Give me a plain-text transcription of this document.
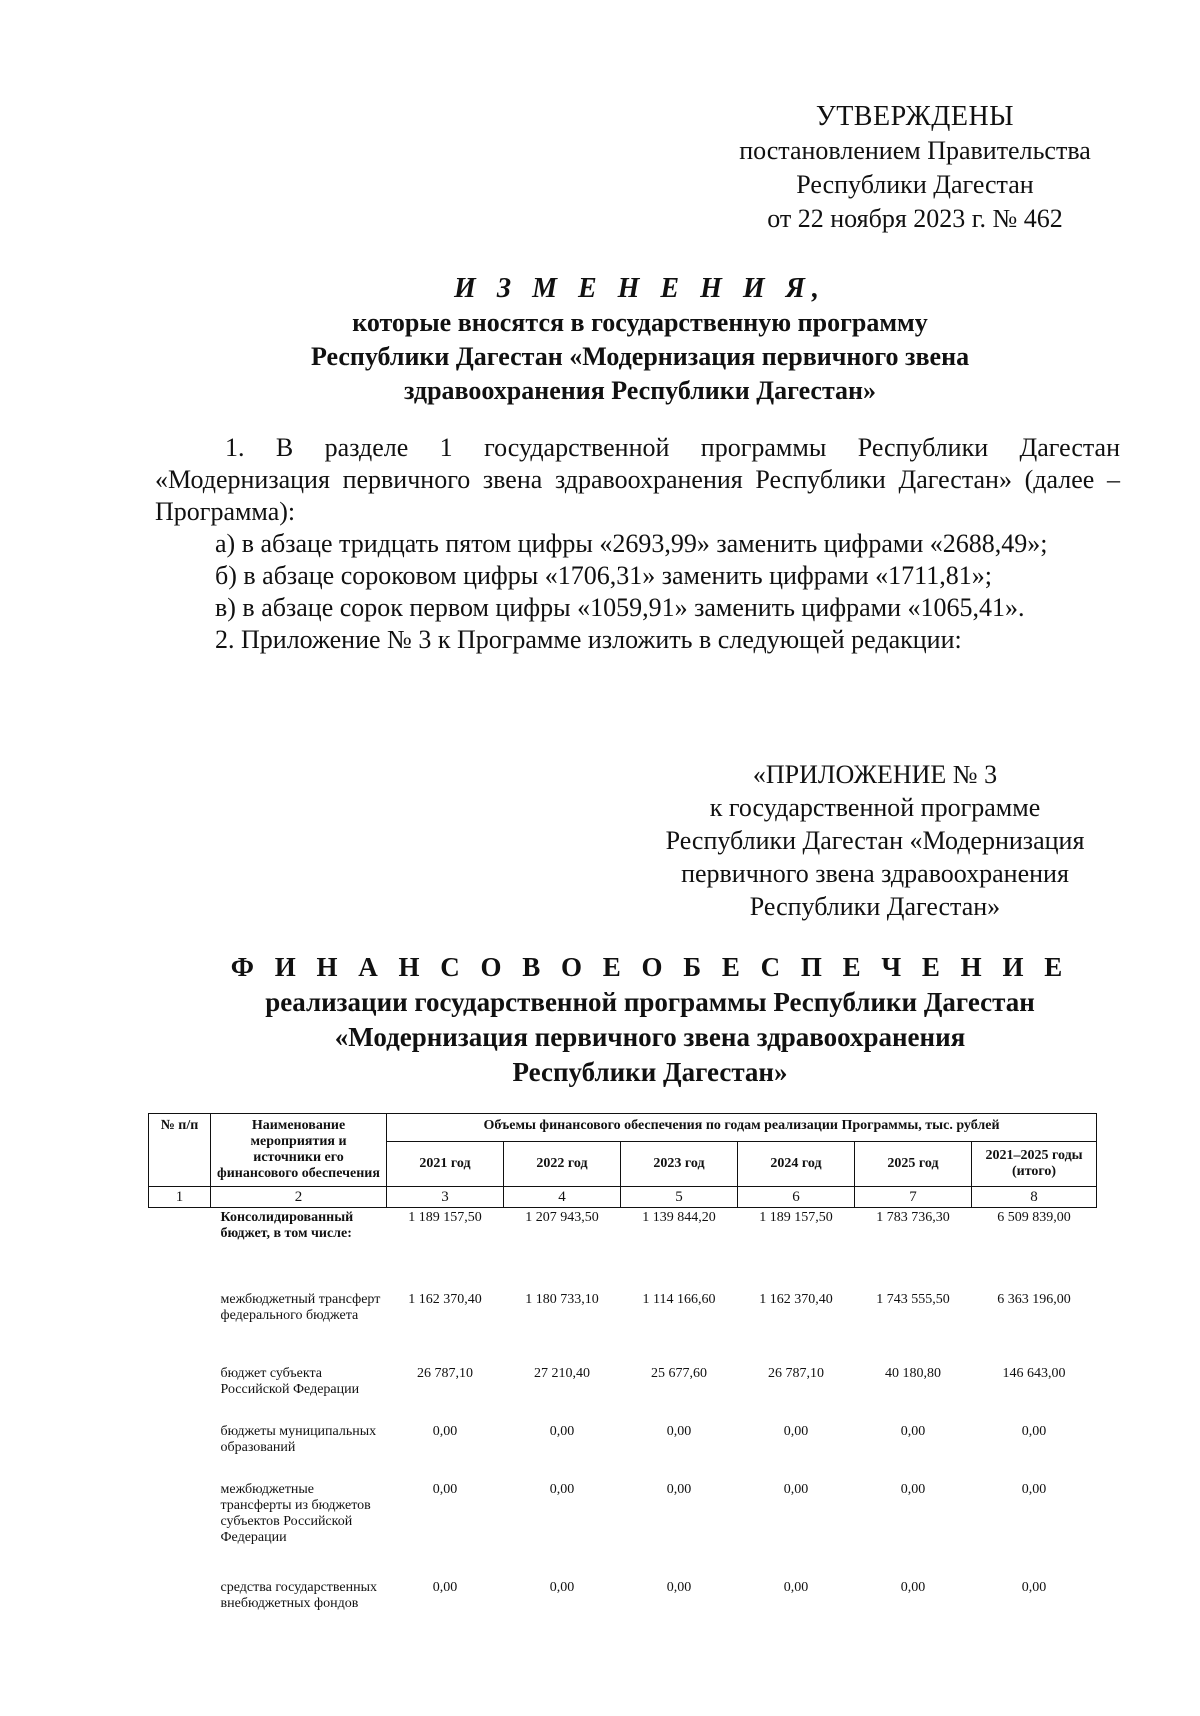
УТВЕРЖДЕНЫ
постановлением Правительства
Республики Дагестан
от 22 ноября 2023 г. № 462
И З М Е Н Е Н И Я,
которые вносятся в государственную программу
Республики Дагестан «Модернизация первичного звена
здравоохранения Республики Дагестан»

1. В разделе 1 государственной программы Республики Дагестан «Модернизация первичного звена здравоохранения Республики Дагестан» (далее – Программа):

а) в абзаце тридцать пятом цифры «2693,99» заменить цифрами «2688,49»;

б) в абзаце сороковом цифры «1706,31» заменить цифрами «1711,81»;

в) в абзаце сорок первом цифры «1059,91» заменить цифрами «1065,41».

2. Приложение № 3 к Программе изложить в следующей редакции:

«ПРИЛОЖЕНИЕ № 3
к государственной программе
Республики Дагестан «Модернизация
первичного звена здравоохранения
Республики Дагестан»
Ф И Н А Н С О В О Е О Б Е С П Е Ч Е Н И Е
реализации государственной программы Республики Дагестан
«Модернизация первичного звена здравоохранения
Республики Дагестан»
№ п/п	Наименование мероприятия и источники его финансового обеспечения	Объемы финансового обеспечения по годам реализации Программы, тыс. рублей					
		2021 год	2022 год	2023 год	2024 год	2025 год	2021–2025 годы (итого)
1	2	3	4	5	6	7	8
	Консолидированный бюджет, в том числе:	1 189 157,50	1 207 943,50	1 139 844,20	1 189 157,50	1 783 736,30	6 509 839,00
	межбюджетный трансферт федерального бюджета	1 162 370,40	1 180 733,10	1 114 166,60	1 162 370,40	1 743 555,50	6 363 196,00
	бюджет субъекта Российской Федерации	26 787,10	27 210,40	25 677,60	26 787,10	40 180,80	146 643,00
	бюджеты муниципальных образований	0,00	0,00	0,00	0,00	0,00	0,00
	межбюджетные трансферты из бюджетов субъектов Российской Федерации	0,00	0,00	0,00	0,00	0,00	0,00
	средства государственных внебюджетных фондов	0,00	0,00	0,00	0,00	0,00	0,00
